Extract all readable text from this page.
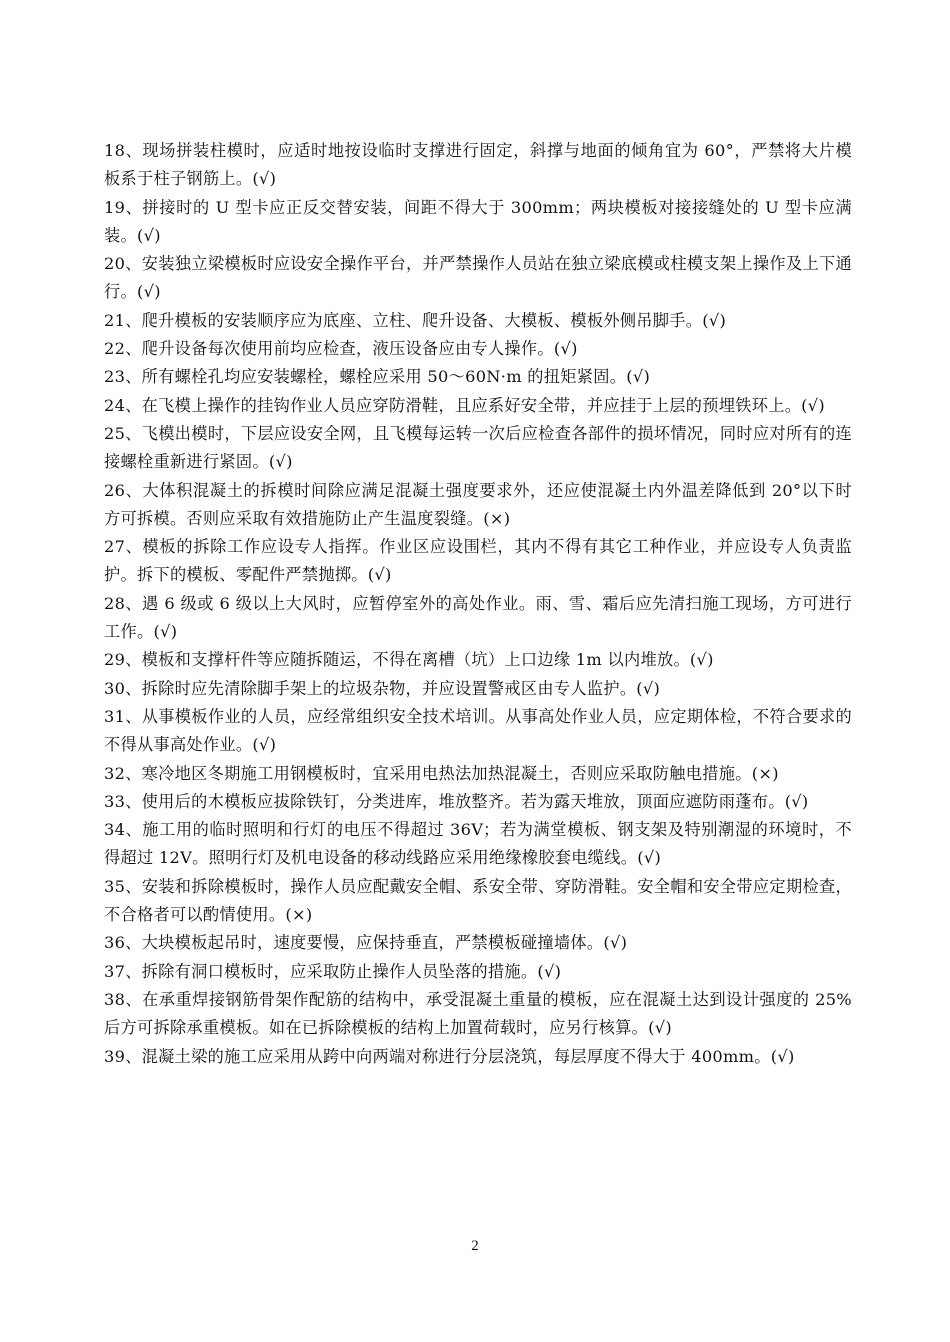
18、现场拼装柱模时，应适时地按设临时支撑进行固定，斜撑与地面的倾角宜为 60°，严禁将大片模板系于柱子钢筋上。(√)

19、拼接时的 U 型卡应正反交替安装，间距不得大于 300mm；两块模板对接接缝处的 U 型卡应满装。(√)

20、安装独立梁模板时应设安全操作平台，并严禁操作人员站在独立梁底模或柱模支架上操作及上下通行。(√)

21、爬升模板的安装顺序应为底座、立柱、爬升设备、大模板、模板外侧吊脚手。(√)

22、爬升设备每次使用前均应检查，液压设备应由专人操作。(√)

23、所有螺栓孔均应安装螺栓，螺栓应采用 50～60N·m 的扭矩紧固。(√)

24、在飞模上操作的挂钩作业人员应穿防滑鞋，且应系好安全带，并应挂于上层的预埋铁环上。(√)

25、飞模出模时，下层应设安全网，且飞模每运转一次后应检查各部件的损坏情况，同时应对所有的连接螺栓重新进行紧固。(√)

26、大体积混凝土的拆模时间除应满足混凝土强度要求外，还应使混凝土内外温差降低到 20°以下时方可拆模。否则应采取有效措施防止产生温度裂缝。(×)

27、模板的拆除工作应设专人指挥。作业区应设围栏，其内不得有其它工种作业，并应设专人负责监护。拆下的模板、零配件严禁抛掷。(√)

28、遇 6 级或 6 级以上大风时，应暂停室外的高处作业。雨、雪、霜后应先清扫施工现场，方可进行工作。(√)

29、模板和支撑杆件等应随拆随运，不得在离槽（坑）上口边缘 1m 以内堆放。(√)

30、拆除时应先清除脚手架上的垃圾杂物，并应设置警戒区由专人监护。(√)

31、从事模板作业的人员，应经常组织安全技术培训。从事高处作业人员，应定期体检，不符合要求的不得从事高处作业。(√)

32、寒冷地区冬期施工用钢模板时，宜采用电热法加热混凝土，否则应采取防触电措施。(×)

33、使用后的木模板应拔除铁钉，分类进库，堆放整齐。若为露天堆放，顶面应遮防雨蓬布。(√)

34、施工用的临时照明和行灯的电压不得超过 36V；若为满堂模板、钢支架及特别潮湿的环境时，不得超过 12V。照明行灯及机电设备的移动线路应采用绝缘橡胶套电缆线。(√)

35、安装和拆除模板时，操作人员应配戴安全帽、系安全带、穿防滑鞋。安全帽和安全带应定期检查，不合格者可以酌情使用。(×)

36、大块模板起吊时，速度要慢，应保持垂直，严禁模板碰撞墙体。(√)

37、拆除有洞口模板时，应采取防止操作人员坠落的措施。(√)

38、在承重焊接钢筋骨架作配筋的结构中，承受混凝土重量的模板，应在混凝土达到设计强度的 25%后方可拆除承重模板。如在已拆除模板的结构上加置荷载时，应另行核算。(√)

39、混凝土梁的施工应采用从跨中向两端对称进行分层浇筑，每层厚度不得大于 400mm。(√)

2
